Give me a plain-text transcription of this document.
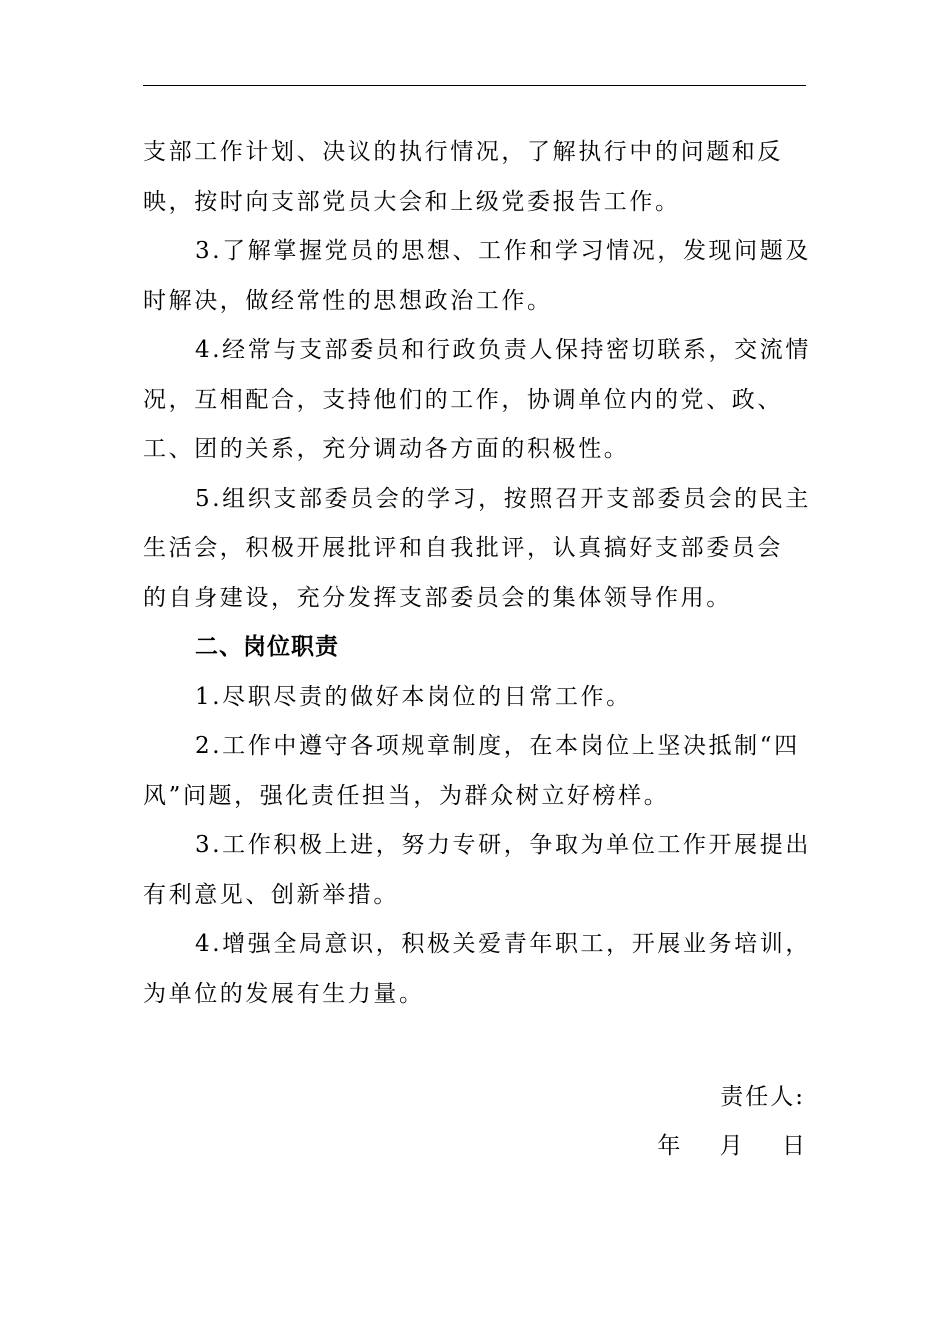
支部工作计划、决议的执行情况，了解执行中的问题和反
映，按时向支部党员大会和上级党委报告工作。
3.了解掌握党员的思想、工作和学习情况，发现问题及
时解决，做经常性的思想政治工作。
4.经常与支部委员和行政负责人保持密切联系，交流情
况，互相配合，支持他们的工作，协调单位内的党、政、
工、团的关系，充分调动各方面的积极性。
5.组织支部委员会的学习，按照召开支部委员会的民主
生活会，积极开展批评和自我批评，认真搞好支部委员会
的自身建设，充分发挥支部委员会的集体领导作用。
二、岗位职责
1.尽职尽责的做好本岗位的日常工作。
2.工作中遵守各项规章制度，在本岗位上坚决抵制“四
风”问题，强化责任担当，为群众树立好榜样。
3.工作积极上进，努力专研，争取为单位工作开展提出
有利意见、创新举措。
4.增强全局意识，积极关爱青年职工，开展业务培训，
为单位的发展有生力量。
责任人:
年 月 日
